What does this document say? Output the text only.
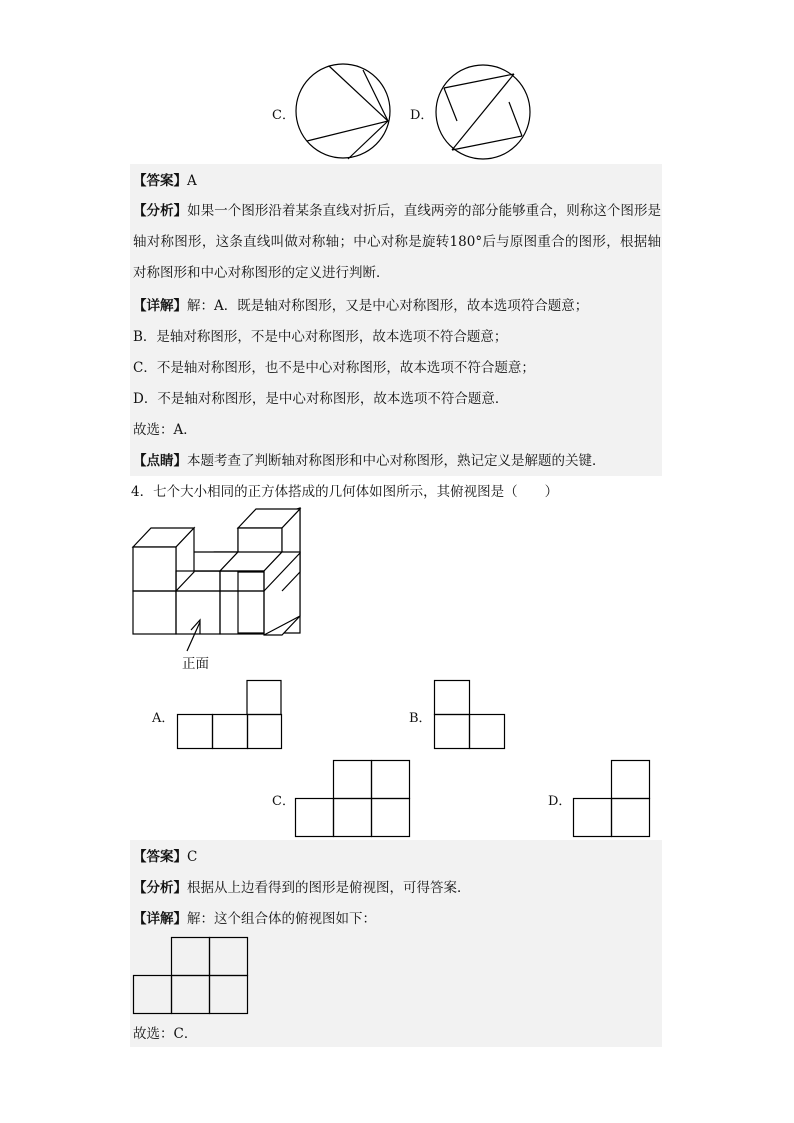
C．	D．
【答案】A
【分析】如果一个图形沿着某条直线对折后，直线两旁的部分能够重合，则称这个图形是轴对称图形，这条直线叫做对称轴；中心对称是旋转180°后与原图重合的图形，根据轴对称图形和中心对称图形的定义进行判断．
【详解】解：A．既是轴对称图形，又是中心对称图形，故本选项符合题意；
B．是轴对称图形，不是中心对称图形，故本选项不符合题意；
C．不是轴对称图形，也不是中心对称图形，故本选项不符合题意；
D．不是轴对称图形，是中心对称图形，故本选项不符合题意．
故选：A．
【点睛】本题考查了判断轴对称图形和中心对称图形，熟记定义是解题的关键．
4．七个大小相同的正方体搭成的几何体如图所示，其俯视图是（　　）
正面
A．	B．
C．	D．
【答案】C
【分析】根据从上边看得到的图形是俯视图，可得答案．
【详解】解：这个组合体的俯视图如下：
故选：C．
